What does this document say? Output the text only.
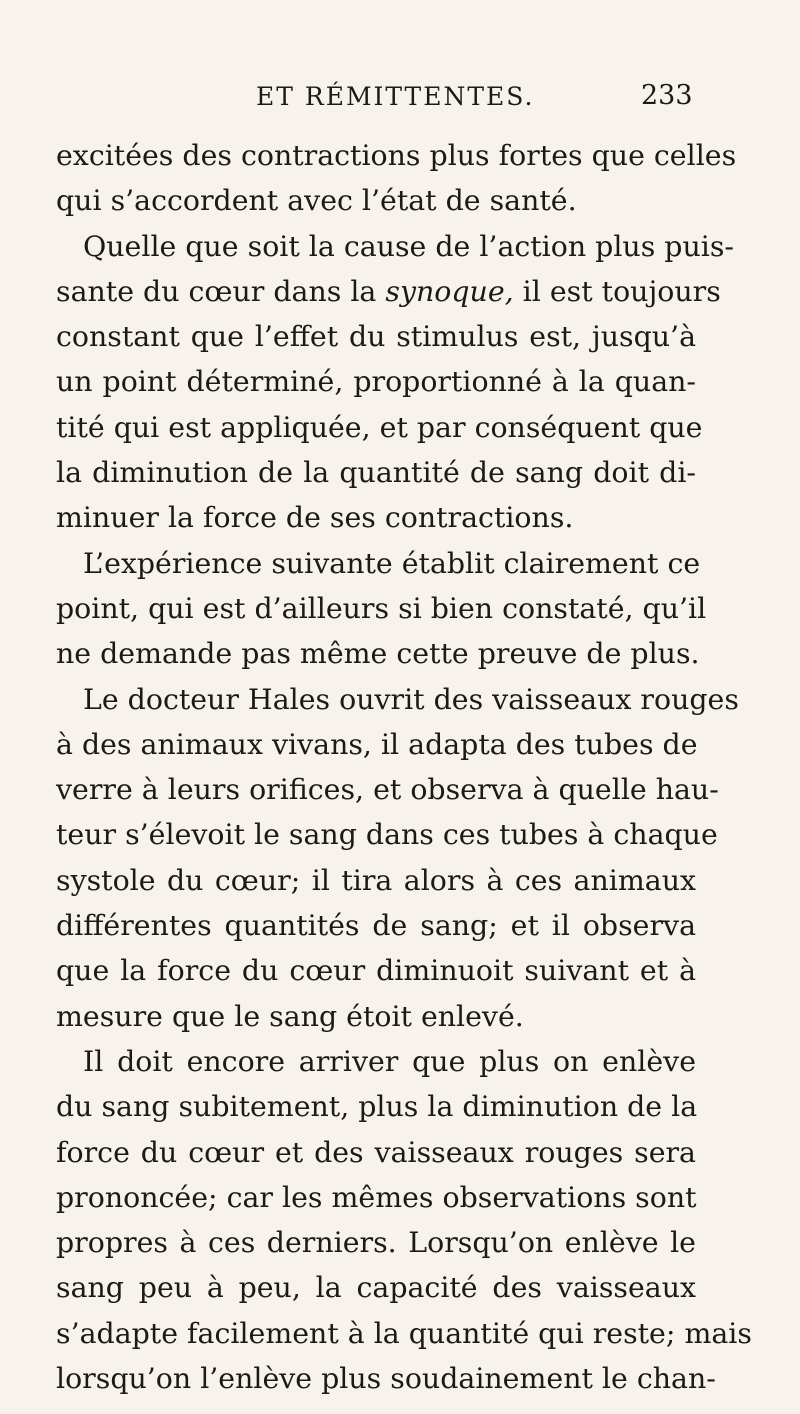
ET RÉMITTENTES.	233
excitées des contractions plus fortes que celles
qui s’accordent avec l’état de santé.
Quelle que soit la cause de l’action plus puis-
sante du cœur dans la synoque, il est toujours
constant que l’effet du stimulus est, jusqu’à
un point déterminé, proportionné à la quan-
tité qui est appliquée, et par conséquent que
la diminution de la quantité de sang doit di-
minuer la force de ses contractions.
L’expérience suivante établit clairement ce
point, qui est d’ailleurs si bien constaté, qu’il
ne demande pas même cette preuve de plus.
Le docteur Hales ouvrit des vaisseaux rouges
à des animaux vivans, il adapta des tubes de
verre à leurs orifices, et observa à quelle hau-
teur s’élevoit le sang dans ces tubes à chaque
systole du cœur; il tira alors à ces animaux
différentes quantités de sang; et il observa
que la force du cœur diminuoit suivant et à
mesure que le sang étoit enlevé.
Il doit encore arriver que plus on enlève
du sang subitement, plus la diminution de la
force du cœur et des vaisseaux rouges sera
prononcée; car les mêmes observations sont
propres à ces derniers. Lorsqu’on enlève le
sang peu à peu, la capacité des vaisseaux
s’adapte facilement à la quantité qui reste; mais
lorsqu’on l’enlève plus soudainement le chan-
